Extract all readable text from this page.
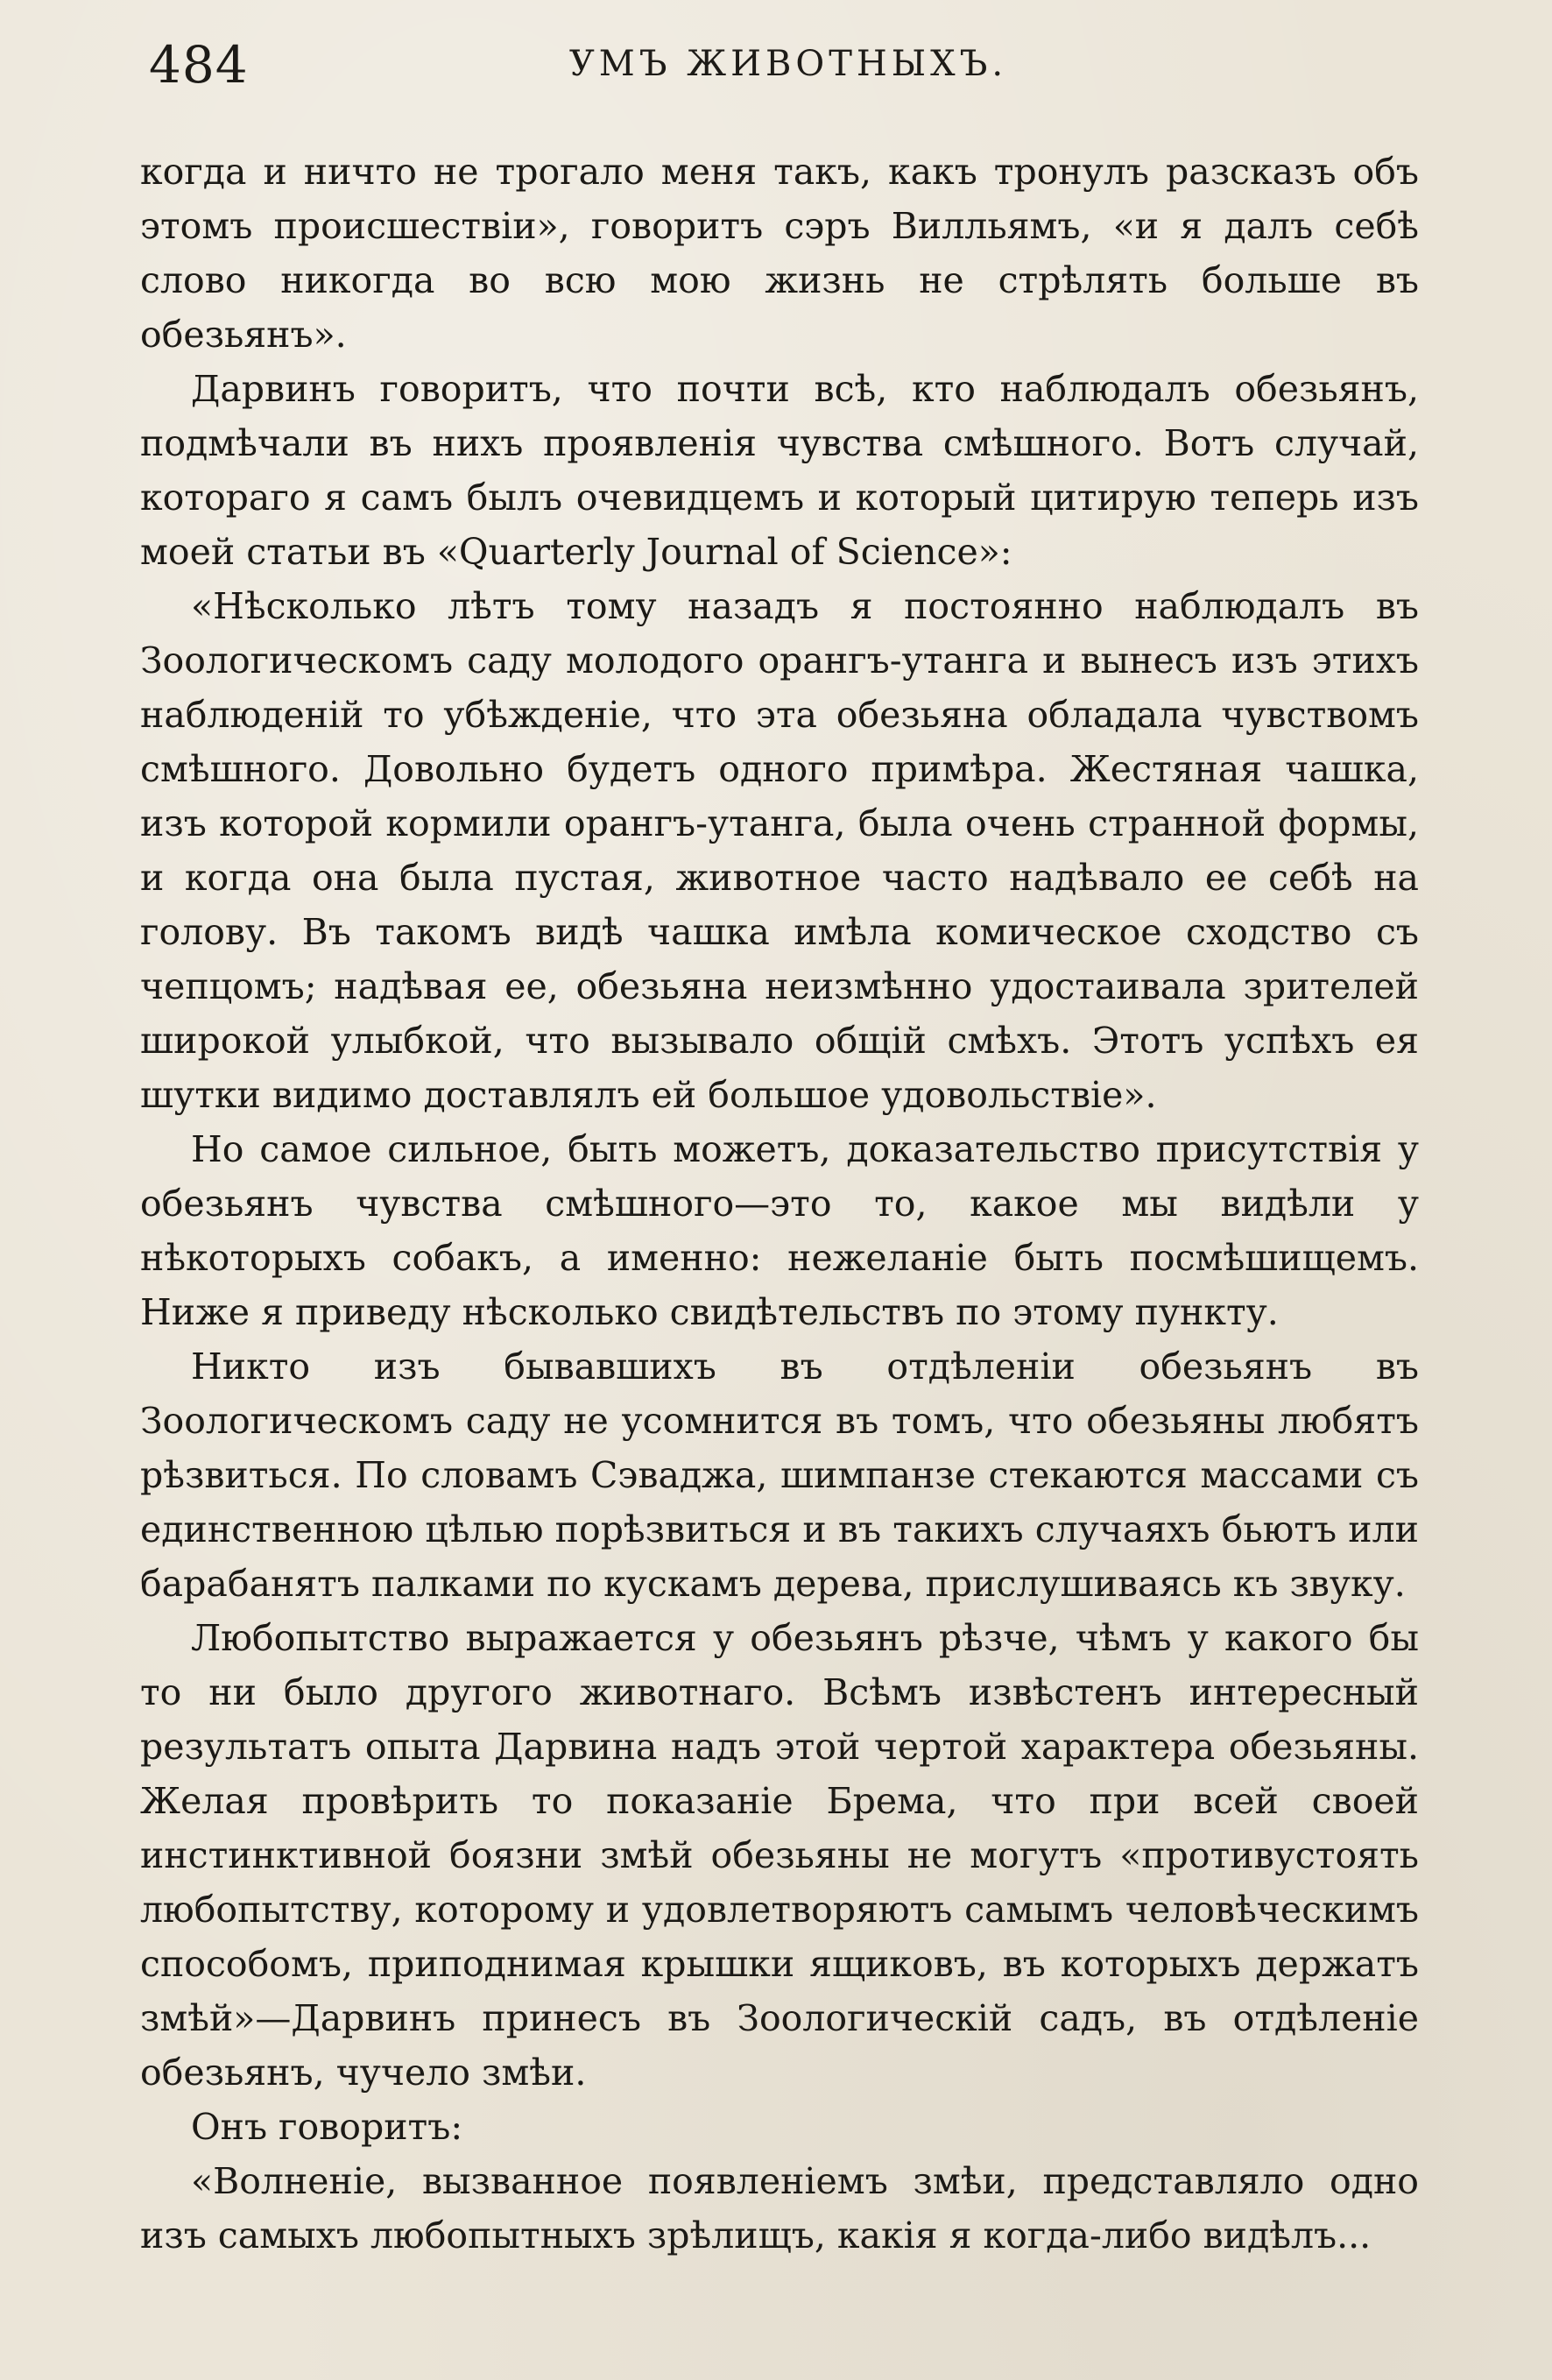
484	УМЪ ЖИВОТНЫХЪ.

когда и ничто не трогало меня такъ, какъ тронулъ разсказъ объ этомъ происшествіи», говоритъ сэръ Вилльямъ, «и я далъ себѣ слово никогда во всю мою жизнь не стрѣлять больше въ обезьянъ».

Дарвинъ говоритъ, что почти всѣ, кто наблюдалъ обезьянъ, подмѣчали въ нихъ проявленія чувства смѣшного. Вотъ случай, котораго я самъ былъ очевидцемъ и который цитирую теперь изъ моей статьи въ «Quarterly Journal of Science»:

«Нѣсколько лѣтъ тому назадъ я постоянно наблюдалъ въ Зоологическомъ саду молодого орангъ-утанга и вынесъ изъ этихъ наблюденій то убѣжденіе, что эта обезьяна обладала чувствомъ смѣшного. Довольно будетъ одного примѣра. Жестяная чашка, изъ которой кормили орангъ-утанга, была очень странной формы, и когда она была пустая, животное часто надѣвало ее себѣ на голову. Въ такомъ видѣ чашка имѣла комическое сходство съ чепцомъ; надѣвая ее, обезьяна неизмѣнно удостаивала зрителей широкой улыбкой, что вызывало общій смѣхъ. Этотъ успѣхъ ея шутки видимо доставлялъ ей большое удовольствіе».

Но самое сильное, быть можетъ, доказательство присутствія у обезьянъ чувства смѣшного—это то, какое мы видѣли у нѣкоторыхъ собакъ, а именно: нежеланіе быть посмѣшищемъ. Ниже я приведу нѣсколько свидѣтельствъ по этому пункту.

Никто изъ бывавшихъ въ отдѣленіи обезьянъ въ Зоологическомъ саду не усомнится въ томъ, что обезьяны любятъ рѣзвиться. По словамъ Сэваджа, шимпанзе стекаются массами съ единственною цѣлью порѣзвиться и въ такихъ случаяхъ бьютъ или барабанятъ палками по кускамъ дерева, прислушиваясь къ звуку.

Любопытство выражается у обезьянъ рѣзче, чѣмъ у какого бы то ни было другого животнаго. Всѣмъ извѣстенъ интересный результатъ опыта Дарвина надъ этой чертой характера обезьяны. Желая провѣрить то показаніе Брема, что при всей своей инстинктивной боязни змѣй обезьяны не могутъ «противустоять любопытству, которому и удовлетворяютъ самымъ человѣческимъ способомъ, приподнимая крышки ящиковъ, въ которыхъ держатъ змѣй»—Дарвинъ принесъ въ Зоологическій садъ, въ отдѣленіе обезьянъ, чучело змѣи.

Онъ говоритъ:

«Волненіе, вызванное появленіемъ змѣи, представляло одно изъ самыхъ любопытныхъ зрѣлищъ, какія я когда-либо видѣлъ...
